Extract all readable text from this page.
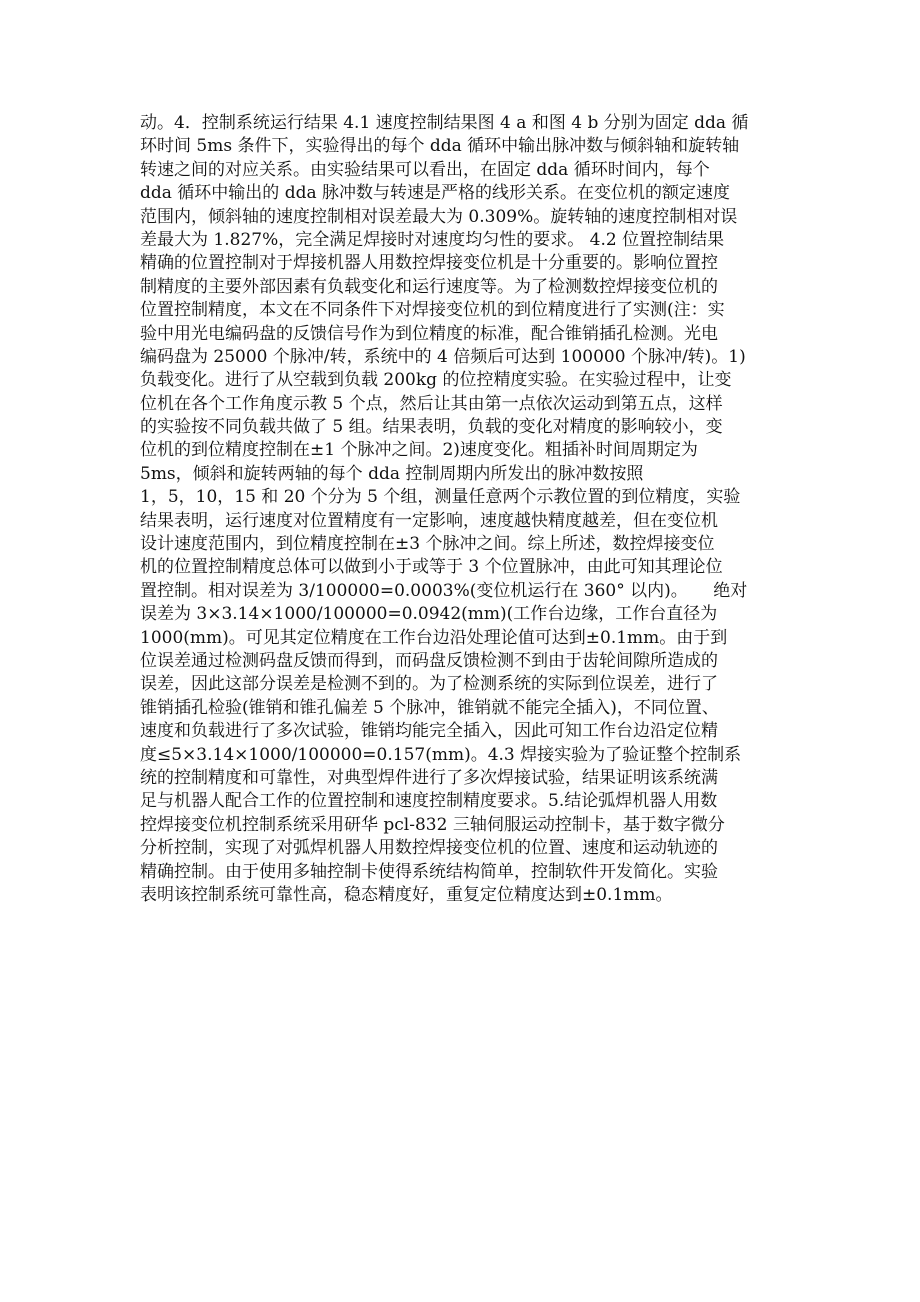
动。4．控制系统运行结果 4.1 速度控制结果图 4 a 和图 4 b 分别为固定 dda 循
环时间 5ms 条件下，实验得出的每个 dda 循环中输出脉冲数与倾斜轴和旋转轴
转速之间的对应关系。由实验结果可以看出，在固定 dda 循环时间内，每个
dda 循环中输出的 dda 脉冲数与转速是严格的线形关系。在变位机的额定速度
范围内，倾斜轴的速度控制相对误差最大为 0.309%。旋转轴的速度控制相对误
差最大为 1.827%，完全满足焊接时对速度均匀性的要求。 4.2 位置控制结果
精确的位置控制对于焊接机器人用数控焊接变位机是十分重要的。影响位置控
制精度的主要外部因素有负载变化和运行速度等。为了检测数控焊接变位机的
位置控制精度，本文在不同条件下对焊接变位机的到位精度进行了实测(注：实
验中用光电编码盘的反馈信号作为到位精度的标准，配合锥销插孔检测。光电
编码盘为 25000 个脉冲/转，系统中的 4 倍频后可达到 100000 个脉冲/转)。1)
负载变化。进行了从空载到负载 200kg 的位控精度实验。在实验过程中，让变
位机在各个工作角度示教 5 个点，然后让其由第一点依次运动到第五点，这样
的实验按不同负载共做了 5 组。结果表明，负载的变化对精度的影响较小，变
位机的到位精度控制在±1 个脉冲之间。2)速度变化。粗插补时间周期定为
5ms，倾斜和旋转两轴的每个 dda 控制周期内所发出的脉冲数按照
1，5，10，15 和 20 个分为 5 个组，测量任意两个示教位置的到位精度，实验
结果表明，运行速度对位置精度有一定影响，速度越快精度越差，但在变位机
设计速度范围内，到位精度控制在±3 个脉冲之间。综上所述，数控焊接变位
机的位置控制精度总体可以做到小于或等于 3 个位置脉冲，由此可知其理论位
置控制。相对误差为 3/100000=0.0003%(变位机运行在 360° 以内)。　　绝对
误差为 3×3.14×1000/100000=0.0942(mm)(工作台边缘，工作台直径为
1000(mm)。可见其定位精度在工作台边沿处理论值可达到±0.1mm。由于到
位误差通过检测码盘反馈而得到，而码盘反馈检测不到由于齿轮间隙所造成的
误差，因此这部分误差是检测不到的。为了检测系统的实际到位误差，进行了
锥销插孔检验(锥销和锥孔偏差 5 个脉冲，锥销就不能完全插入)，不同位置、
速度和负载进行了多次试验，锥销均能完全插入，因此可知工作台边沿定位精
度≤5×3.14×1000/100000=0.157(mm)。4.3 焊接实验为了验证整个控制系
统的控制精度和可靠性，对典型焊件进行了多次焊接试验，结果证明该系统满
足与机器人配合工作的位置控制和速度控制精度要求。5.结论弧焊机器人用数
控焊接变位机控制系统采用研华 pcl-832 三轴伺服运动控制卡，基于数字微分
分析控制，实现了对弧焊机器人用数控焊接变位机的位置、速度和运动轨迹的
精确控制。由于使用多轴控制卡使得系统结构简单，控制软件开发简化。实验
表明该控制系统可靠性高，稳态精度好，重复定位精度达到±0.1mm。
